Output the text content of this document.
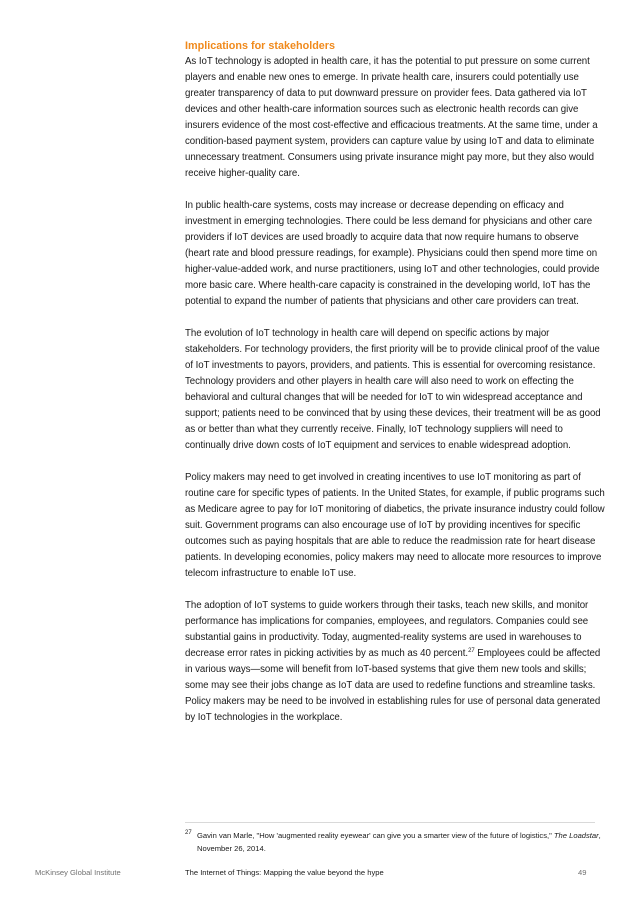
Implications for stakeholders

As IoT technology is adopted in health care, it has the potential to put pressure on some current players and enable new ones to emerge. In private health care, insurers could potentially use greater transparency of data to put downward pressure on provider fees. Data gathered via IoT devices and other health-care information sources such as electronic health records can give insurers evidence of the most cost-effective and efficacious treatments. At the same time, under a condition-based payment system, providers can capture value by using IoT and data to eliminate unnecessary treatment. Consumers using private insurance might pay more, but they also would receive higher-quality care.

In public health-care systems, costs may increase or decrease depending on efficacy and investment in emerging technologies. There could be less demand for physicians and other care providers if IoT devices are used broadly to acquire data that now require humans to observe (heart rate and blood pressure readings, for example). Physicians could then spend more time on higher-value-added work, and nurse practitioners, using IoT and other technologies, could provide more basic care. Where health-care capacity is constrained in the developing world, IoT has the potential to expand the number of patients that physicians and other care providers can treat.

The evolution of IoT technology in health care will depend on specific actions by major stakeholders. For technology providers, the first priority will be to provide clinical proof of the value of IoT investments to payors, providers, and patients. This is essential for overcoming resistance. Technology providers and other players in health care will also need to work on effecting the behavioral and cultural changes that will be needed for IoT to win widespread acceptance and support; patients need to be convinced that by using these devices, their treatment will be as good as or better than what they currently receive. Finally, IoT technology suppliers will need to continually drive down costs of IoT equipment and services to enable widespread adoption.

Policy makers may need to get involved in creating incentives to use IoT monitoring as part of routine care for specific types of patients. In the United States, for example, if public programs such as Medicare agree to pay for IoT monitoring of diabetics, the private insurance industry could follow suit. Government programs can also encourage use of IoT by providing incentives for specific outcomes such as paying hospitals that are able to reduce the readmission rate for heart disease patients. In developing economies, policy makers may need to allocate more resources to improve telecom infrastructure to enable IoT use.

The adoption of IoT systems to guide workers through their tasks, teach new skills, and monitor performance has implications for companies, employees, and regulators. Companies could see substantial gains in productivity. Today, augmented-reality systems are used in warehouses to decrease error rates in picking activities by as much as 40 percent.$^{27}$ Employees could be affected in various ways—some will benefit from IoT-based systems that give them new tools and skills; some may see their jobs change as IoT data are used to redefine functions and streamline tasks. Policy makers may be need to be involved in establishing rules for use of personal data generated by IoT technologies in the workplace.

27 Gavin van Marle, "How 'augmented reality eyewear' can give you a smarter view of the future of logistics," The Loadstar, November 26, 2014.
McKinsey Global Institute	The Internet of Things: Mapping the value beyond the hype	49
